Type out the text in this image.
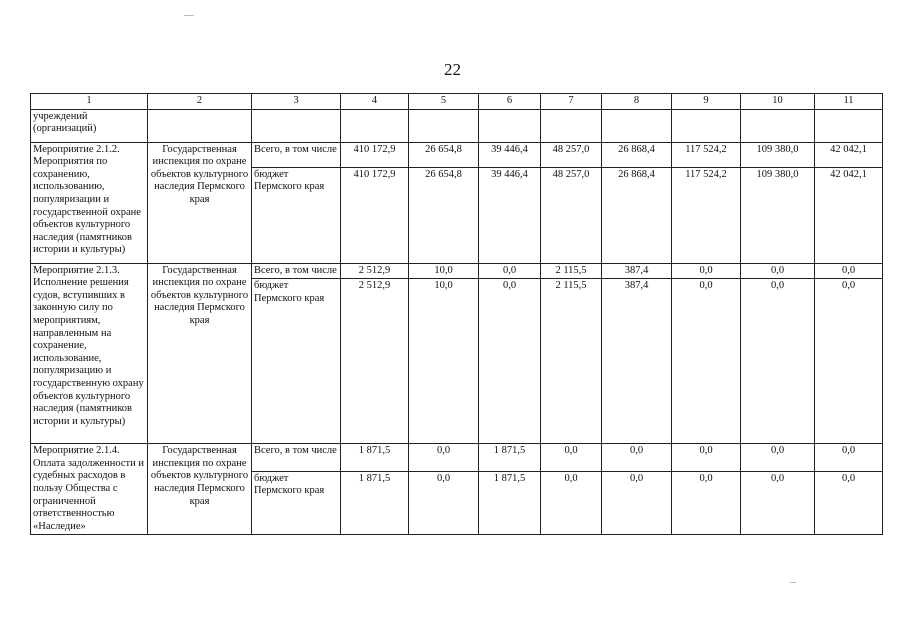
22
1	2	3	4	5	6	7	8	9	10	11
учреждений (организаций)										
Мероприятие 2.1.2. Мероприятия по сохранению, использованию, популяризации и государственной охране объектов культурного наследия (памятников истории и культуры)	Государственная инспекция по охране объектов культурного наследия Пермского края	Всего, в том числе	410 172,9	26 654,8	39 446,4	48 257,0	26 868,4	117 524,2	109 380,0	42 042,1
		бюджет Пермского края	410 172,9	26 654,8	39 446,4	48 257,0	26 868,4	117 524,2	109 380,0	42 042,1
Мероприятие 2.1.3. Исполнение решения судов, вступивших в законную силу по мероприятиям, направленным на сохранение, использование, популяризацию и государственную охрану объектов культурного наследия (памятников истории и культуры)	Государственная инспекция по охране объектов культурного наследия Пермского края	Всего, в том числе	2 512,9	10,0	0,0	2 115,5	387,4	0,0	0,0	0,0
		бюджет Пермского края	2 512,9	10,0	0,0	2 115,5	387,4	0,0	0,0	0,0
Мероприятие 2.1.4. Оплата задолженности и судебных расходов в пользу Общества с ограниченной ответственностью «Наследие»	Государственная инспекция по охране объектов культурного наследия Пермского края	Всего, в том числе	1 871,5	0,0	1 871,5	0,0	0,0	0,0	0,0	0,0
		бюджет Пермского края	1 871,5	0,0	1 871,5	0,0	0,0	0,0	0,0	0,0
